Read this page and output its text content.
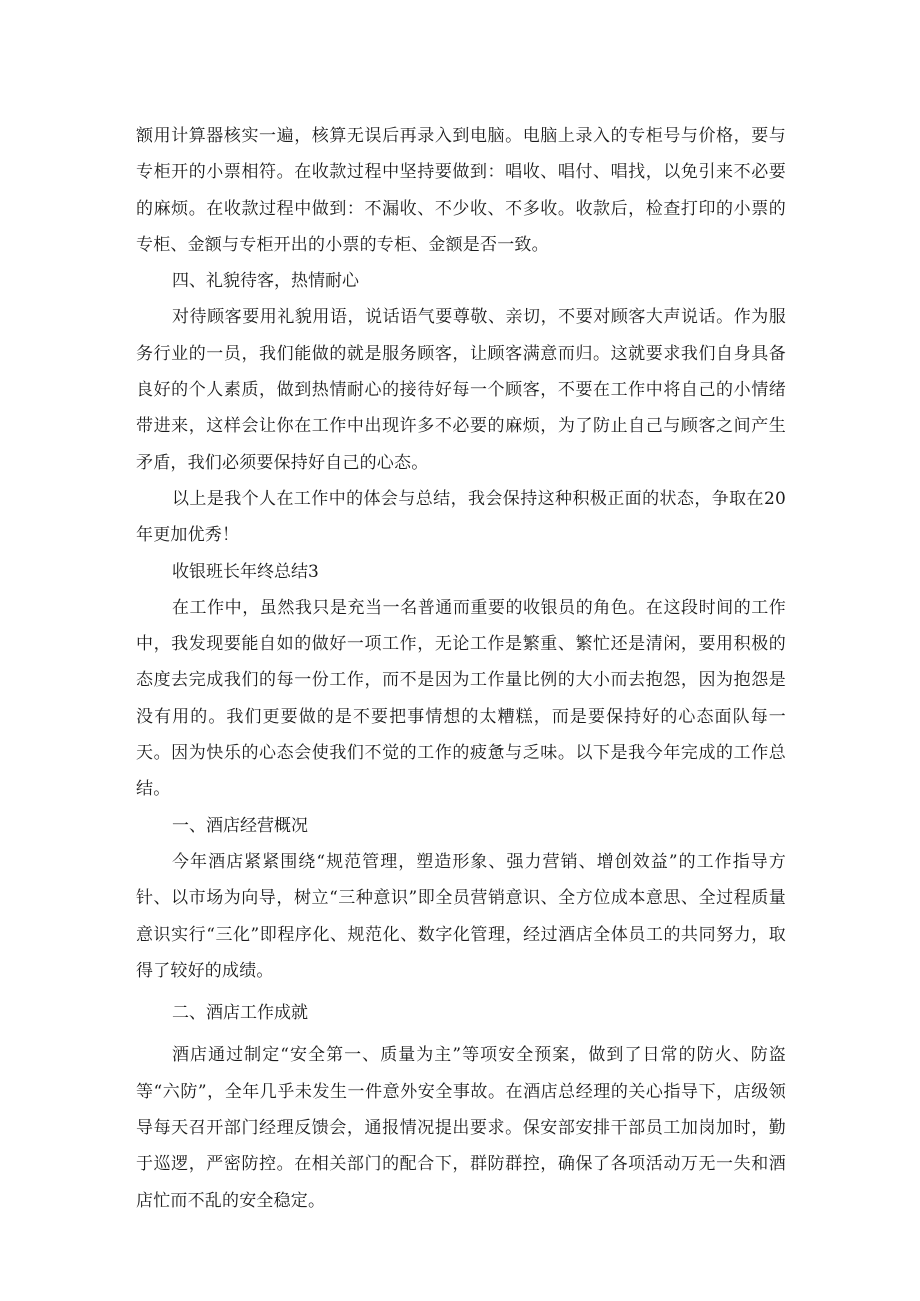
额用计算器核实一遍，核算无误后再录入到电脑。电脑上录入的专柜号与价格，要与专柜开的小票相符。在收款过程中坚持要做到：唱收、唱付、唱找，以免引来不必要的麻烦。在收款过程中做到：不漏收、不少收、不多收。收款后，检查打印的小票的专柜、金额与专柜开出的小票的专柜、金额是否一致。

四、礼貌待客，热情耐心

对待顾客要用礼貌用语，说话语气要尊敬、亲切，不要对顾客大声说话。作为服务行业的一员，我们能做的就是服务顾客，让顾客满意而归。这就要求我们自身具备良好的个人素质，做到热情耐心的接待好每一个顾客，不要在工作中将自己的小情绪带进来，这样会让你在工作中出现许多不必要的麻烦，为了防止自己与顾客之间产生矛盾，我们必须要保持好自己的心态。

以上是我个人在工作中的体会与总结，我会保持这种积极正面的状态，争取在20年更加优秀！

收银班长年终总结3

在工作中，虽然我只是充当一名普通而重要的收银员的角色。在这段时间的工作中，我发现要能自如的做好一项工作，无论工作是繁重、繁忙还是清闲，要用积极的态度去完成我们的每一份工作，而不是因为工作量比例的大小而去抱怨，因为抱怨是没有用的。我们更要做的是不要把事情想的太糟糕，而是要保持好的心态面队每一天。因为快乐的心态会使我们不觉的工作的疲惫与乏味。以下是我今年完成的工作总结。

一、酒店经营概况

今年酒店紧紧围绕“规范管理，塑造形象、强力营销、增创效益”的工作指导方针、以市场为向导，树立“三种意识”即全员营销意识、全方位成本意思、全过程质量意识实行“三化”即程序化、规范化、数字化管理，经过酒店全体员工的共同努力，取得了较好的成绩。

二、酒店工作成就

酒店通过制定“安全第一、质量为主”等项安全预案，做到了日常的防火、防盗等“六防”，全年几乎未发生一件意外安全事故。在酒店总经理的关心指导下，店级领导每天召开部门经理反馈会，通报情况提出要求。保安部安排干部员工加岗加时，勤于巡逻，严密防控。在相关部门的配合下，群防群控，确保了各项活动万无一失和酒店忙而不乱的安全稳定。
